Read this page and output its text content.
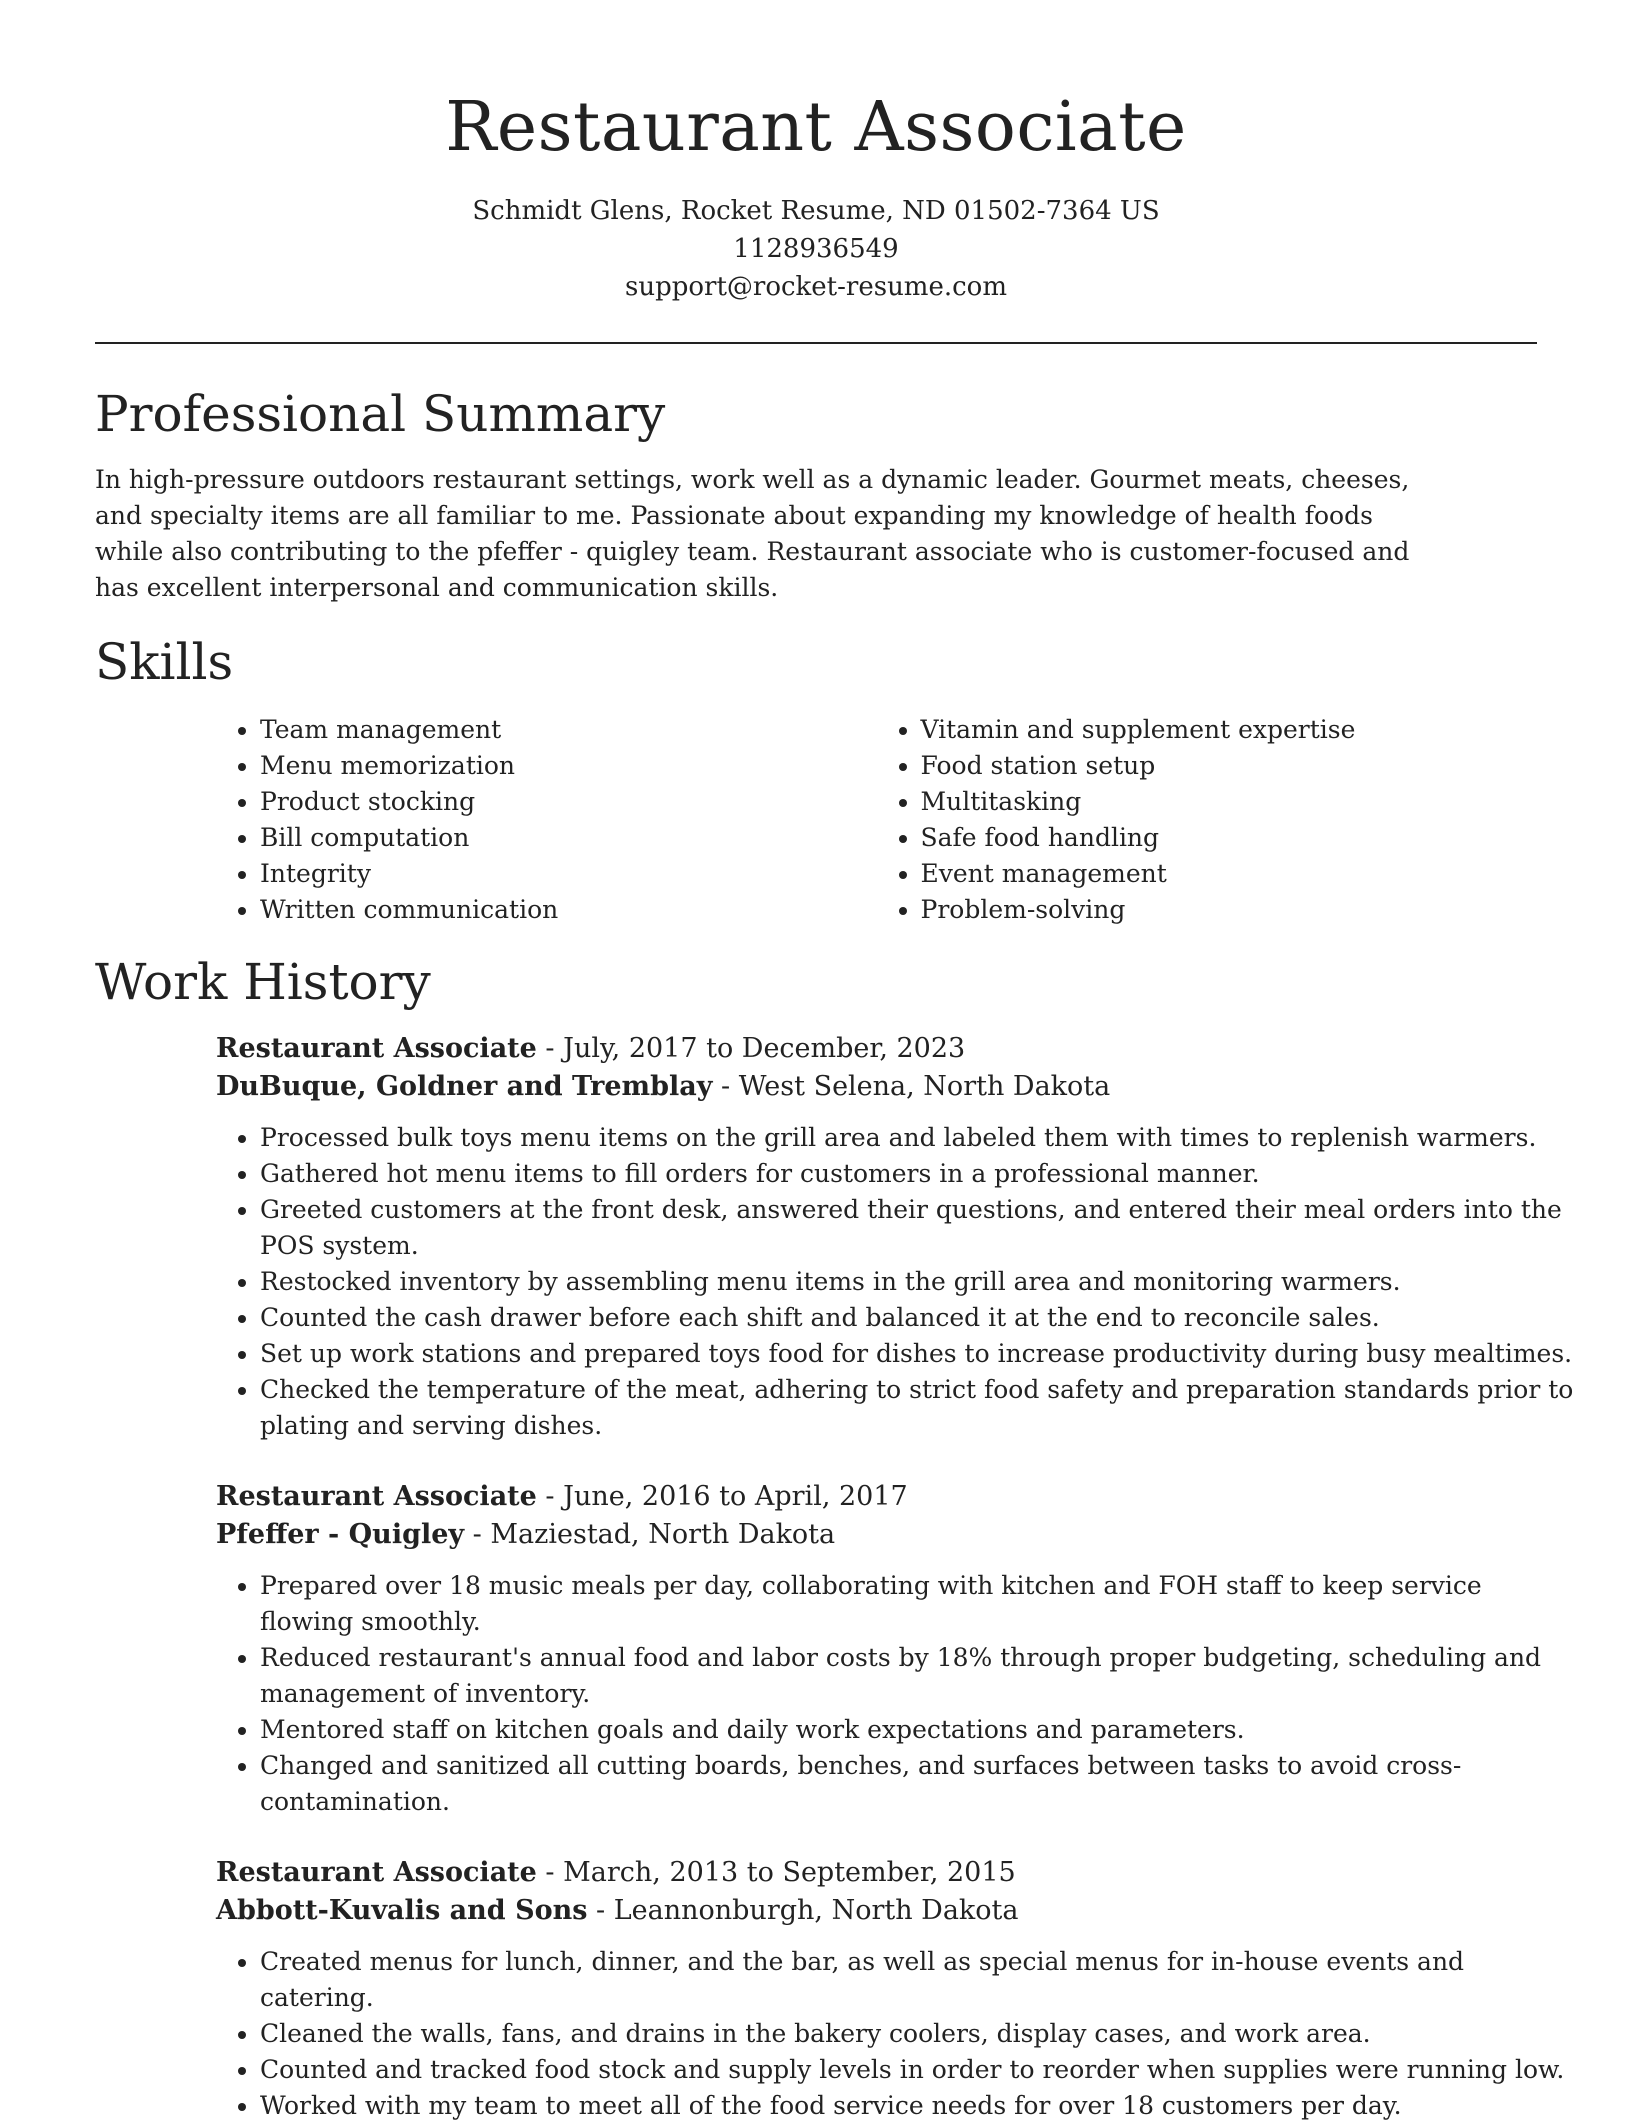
Restaurant Associate
Schmidt Glens, Rocket Resume, ND 01502-7364 US
1128936549
support@rocket-resume.com
Professional Summary

In high-pressure outdoors restaurant settings, work well as a dynamic leader. Gourmet meats, cheeses, and specialty items are all familiar to me. Passionate about expanding my knowledge of health foods while also contributing to the pfeffer - quigley team. Restaurant associate who is customer-focused and has excellent interpersonal and communication skills.

Skills
• Team management
• Menu memorization
• Product stocking
• Bill computation
• Integrity
• Written communication
• Vitamin and supplement expertise
• Food station setup
• Multitasking
• Safe food handling
• Event management
• Problem-solving
Work History
Restaurant Associate - July, 2017 to December, 2023
DuBuque, Goldner and Tremblay - West Selena, North Dakota
• Processed bulk toys menu items on the grill area and labeled them with times to replenish warmers.
• Gathered hot menu items to fill orders for customers in a professional manner.
• Greeted customers at the front desk, answered their questions, and entered their meal orders into the POS system.
• Restocked inventory by assembling menu items in the grill area and monitoring warmers.
• Counted the cash drawer before each shift and balanced it at the end to reconcile sales.
• Set up work stations and prepared toys food for dishes to increase productivity during busy mealtimes.
• Checked the temperature of the meat, adhering to strict food safety and preparation standards prior to plating and serving dishes.
Restaurant Associate - June, 2016 to April, 2017
Pfeffer - Quigley - Maziestad, North Dakota
• Prepared over 18 music meals per day, collaborating with kitchen and FOH staff to keep service flowing smoothly.
• Reduced restaurant's annual food and labor costs by 18% through proper budgeting, scheduling and management of inventory.
• Mentored staff on kitchen goals and daily work expectations and parameters.
• Changed and sanitized all cutting boards, benches, and surfaces between tasks to avoid cross-contamination.
Restaurant Associate - March, 2013 to September, 2015
Abbott-Kuvalis and Sons - Leannonburgh, North Dakota
• Created menus for lunch, dinner, and the bar, as well as special menus for in-house events and catering.
• Cleaned the walls, fans, and drains in the bakery coolers, display cases, and work area.
• Counted and tracked food stock and supply levels in order to reorder when supplies were running low.
• Worked with my team to meet all of the food service needs for over 18 customers per day.
